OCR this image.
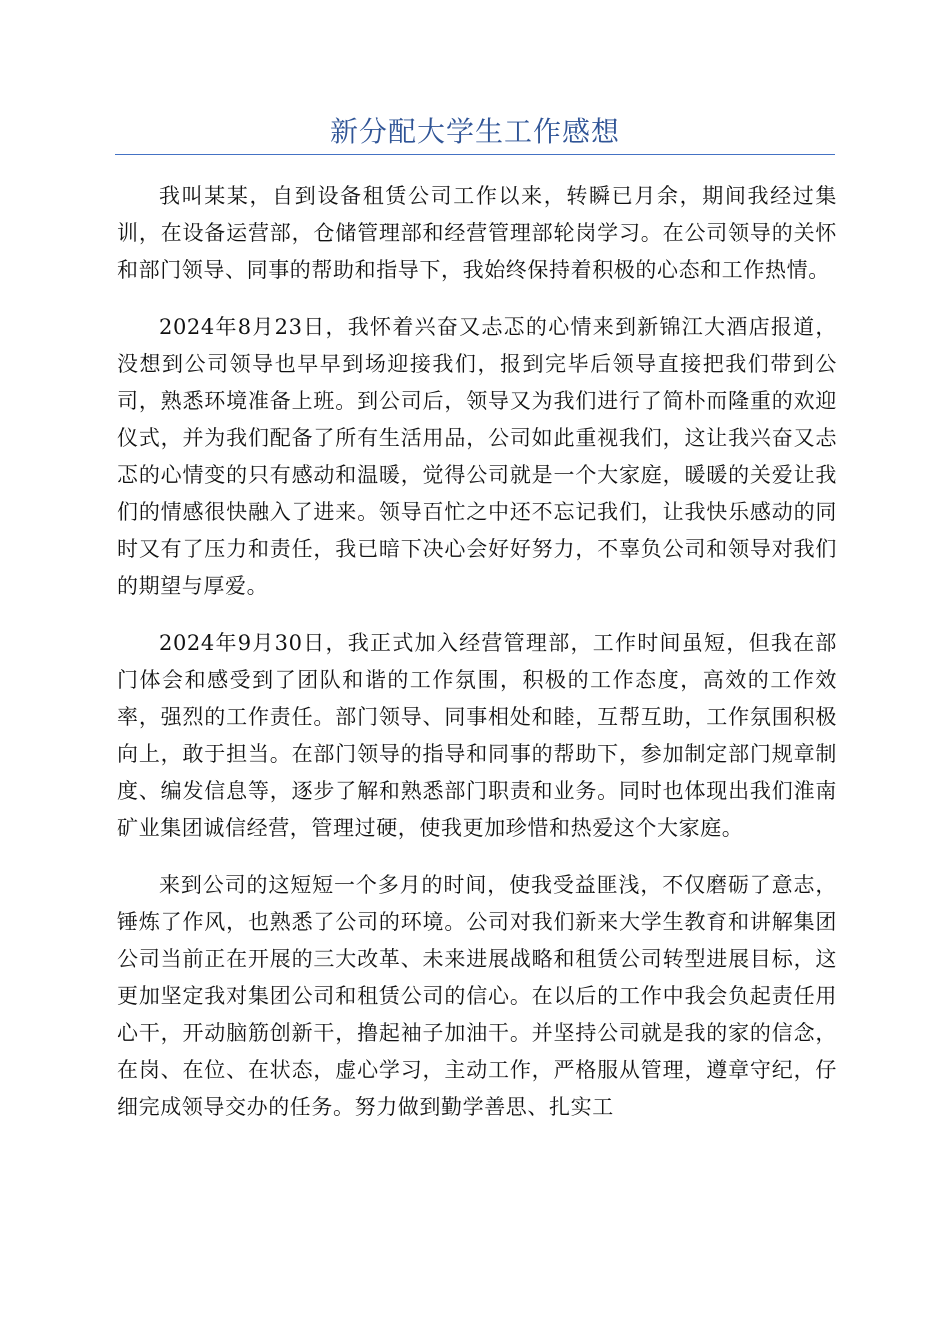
新分配大学生工作感想

我叫某某，自到设备租赁公司工作以来，转瞬已月余，期间我经过集训，在设备运营部，仓储管理部和经营管理部轮岗学习。在公司领导的关怀和部门领导、同事的帮助和指导下，我始终保持着积极的心态和工作热情。

2024年8月23日，我怀着兴奋又忐忑的心情来到新锦江大酒店报道，没想到公司领导也早早到场迎接我们，报到完毕后领导直接把我们带到公司，熟悉环境准备上班。到公司后，领导又为我们进行了简朴而隆重的欢迎仪式，并为我们配备了所有生活用品，公司如此重视我们，这让我兴奋又忐忑的心情变的只有感动和温暖，觉得公司就是一个大家庭，暖暖的关爱让我们的情感很快融入了进来。领导百忙之中还不忘记我们，让我快乐感动的同时又有了压力和责任，我已暗下决心会好好努力，不辜负公司和领导对我们的期望与厚爱。

2024年9月30日，我正式加入经营管理部，工作时间虽短，但我在部门体会和感受到了团队和谐的工作氛围，积极的工作态度，高效的工作效率，强烈的工作责任。部门领导、同事相处和睦，互帮互助，工作氛围积极向上，敢于担当。在部门领导的指导和同事的帮助下，参加制定部门规章制度、编发信息等，逐步了解和熟悉部门职责和业务。同时也体现出我们淮南矿业集团诚信经营，管理过硬，使我更加珍惜和热爱这个大家庭。

来到公司的这短短一个多月的时间，使我受益匪浅，不仅磨砺了意志，锤炼了作风，也熟悉了公司的环境。公司对我们新来大学生教育和讲解集团公司当前正在开展的三大改革、未来进展战略和租赁公司转型进展目标，这更加坚定我对集团公司和租赁公司的信心。在以后的工作中我会负起责任用心干，开动脑筋创新干，撸起袖子加油干。并坚持公司就是我的家的信念，在岗、在位、在状态，虚心学习，主动工作，严格服从管理，遵章守纪，仔细完成领导交办的任务。努力做到勤学善思、扎实工
